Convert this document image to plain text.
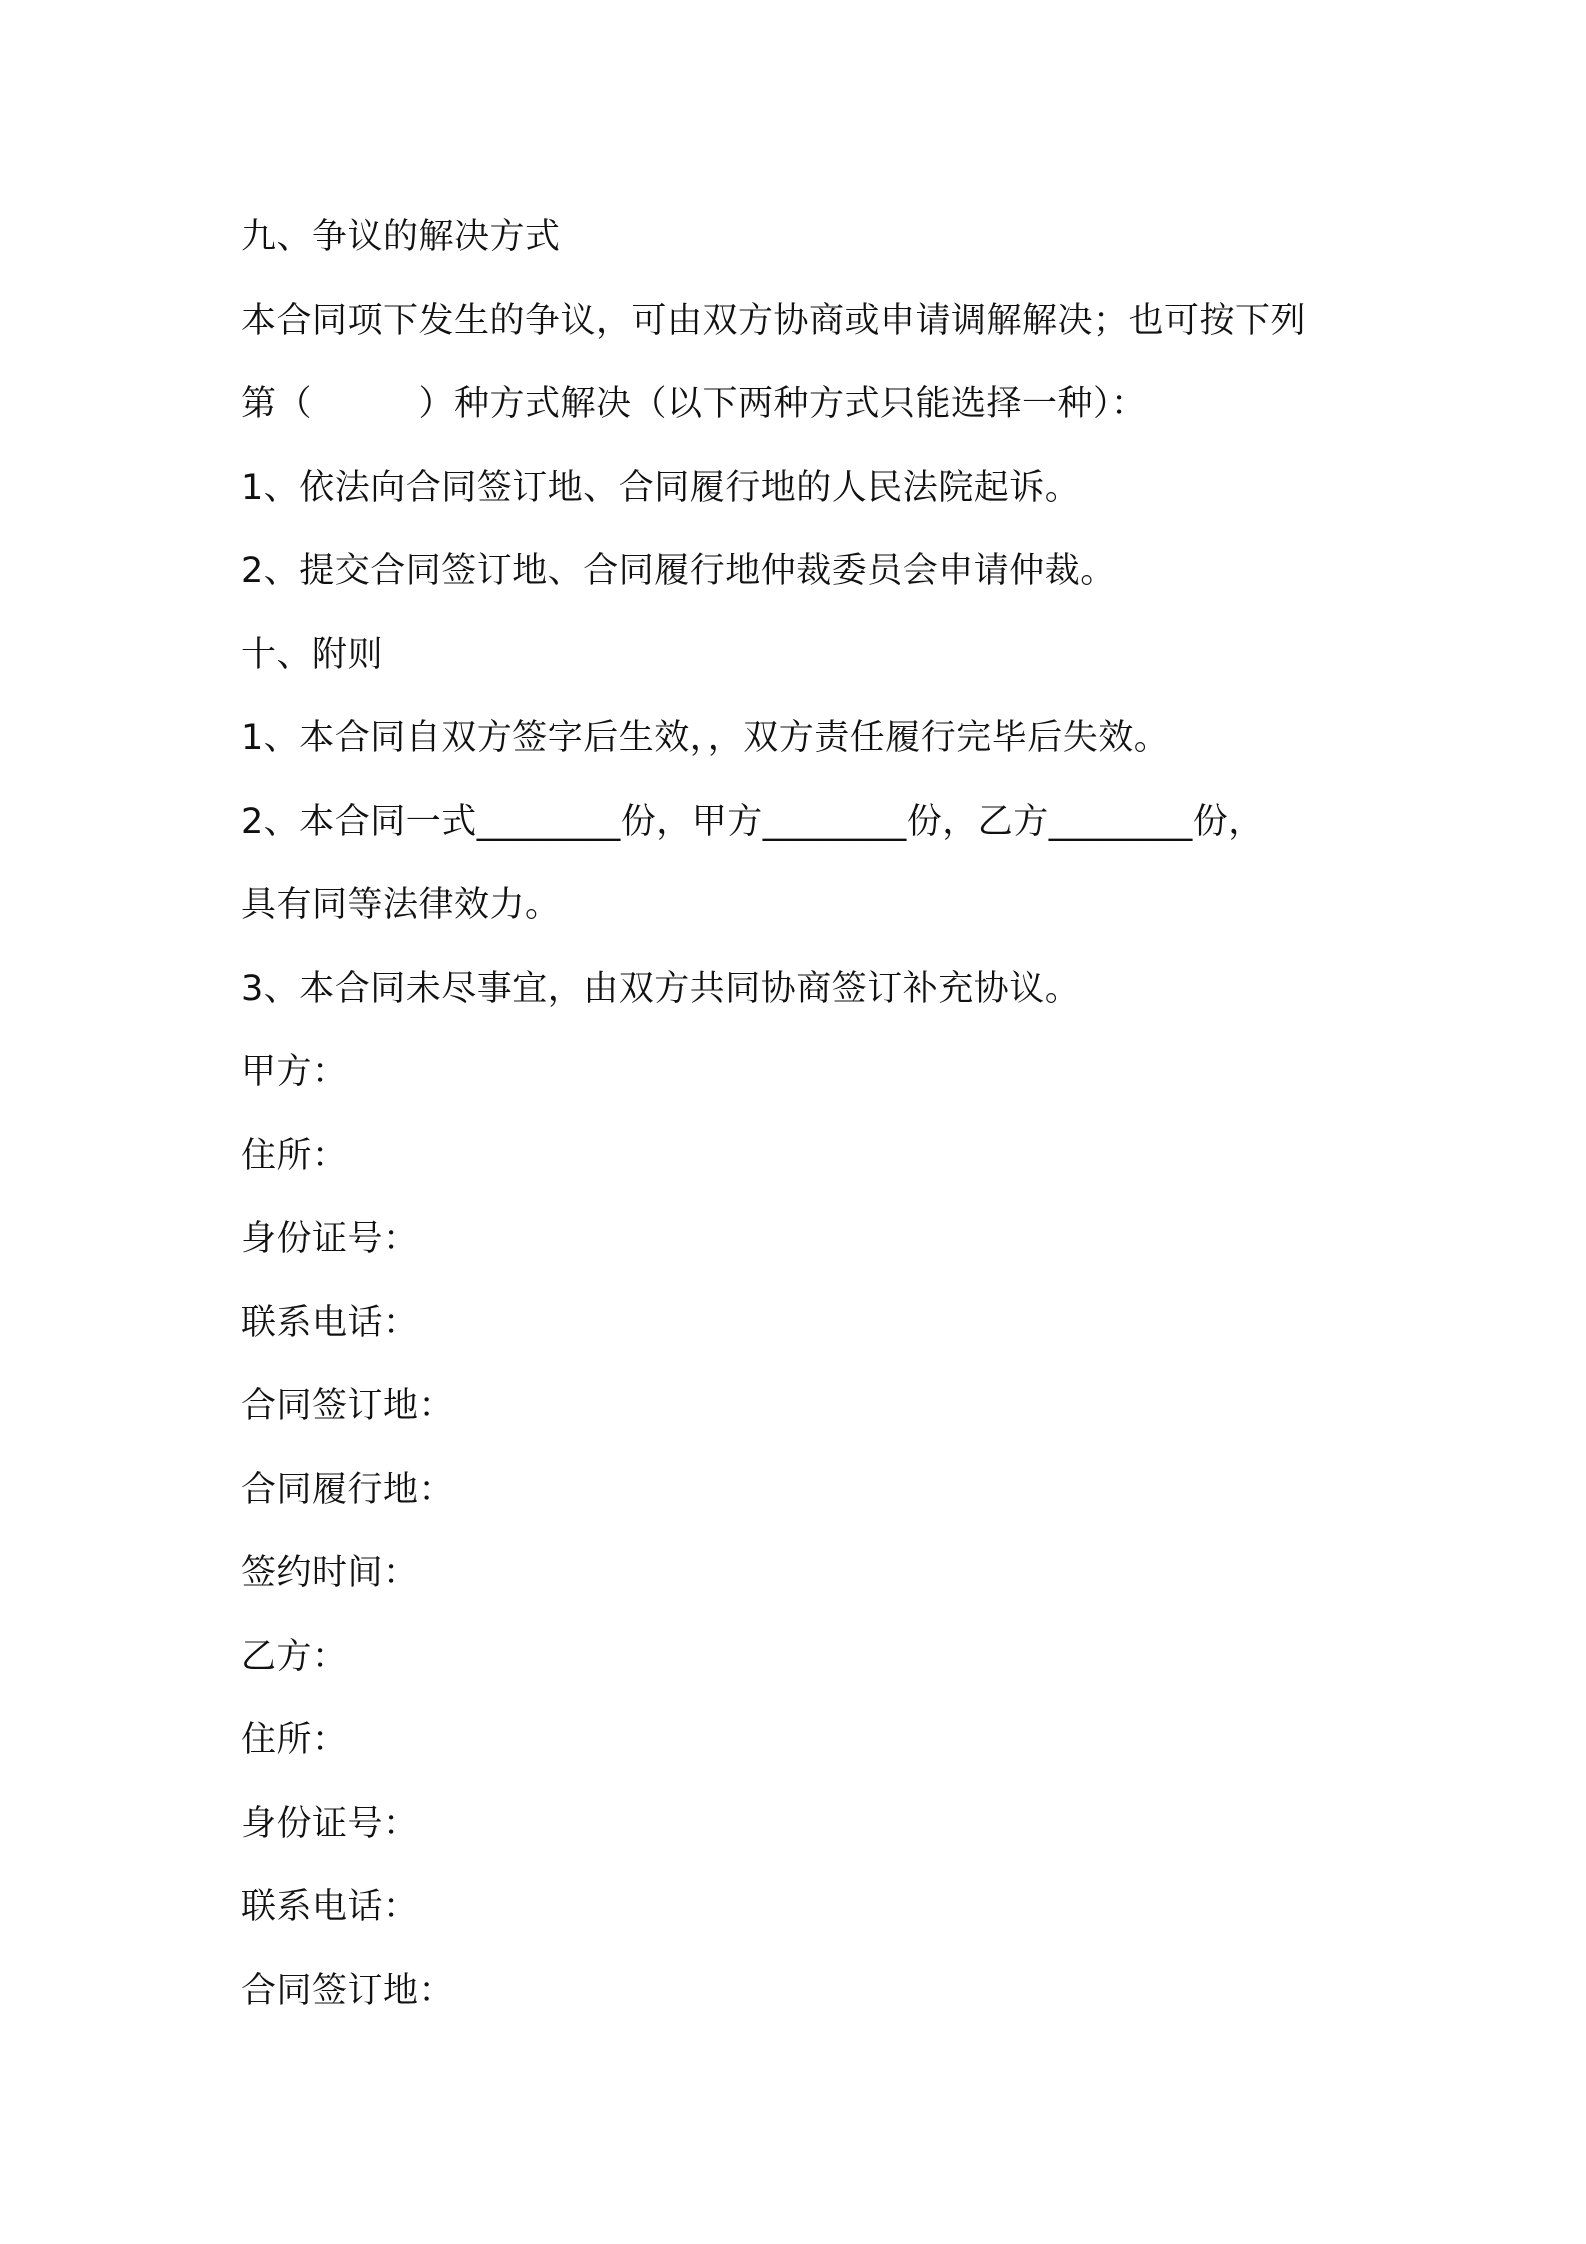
九、争议的解决方式

本合同项下发生的争议，可由双方协商或申请调解解决；也可按下列

第（　　　）种方式解决（以下两种方式只能选择一种）：

1、依法向合同签订地、合同履行地的人民法院起诉。

2、提交合同签订地、合同履行地仲裁委员会申请仲裁。

十、附则

1、本合同自双方签字后生效，，双方责任履行完毕后失效。

2、本合同一式________份，甲方________份，乙方________份，

具有同等法律效力。

3、本合同未尽事宜，由双方共同协商签订补充协议。

甲方：

住所：

身份证号：

联系电话：

合同签订地：

合同履行地：

签约时间：

乙方：

住所：

身份证号：

联系电话：

合同签订地：
